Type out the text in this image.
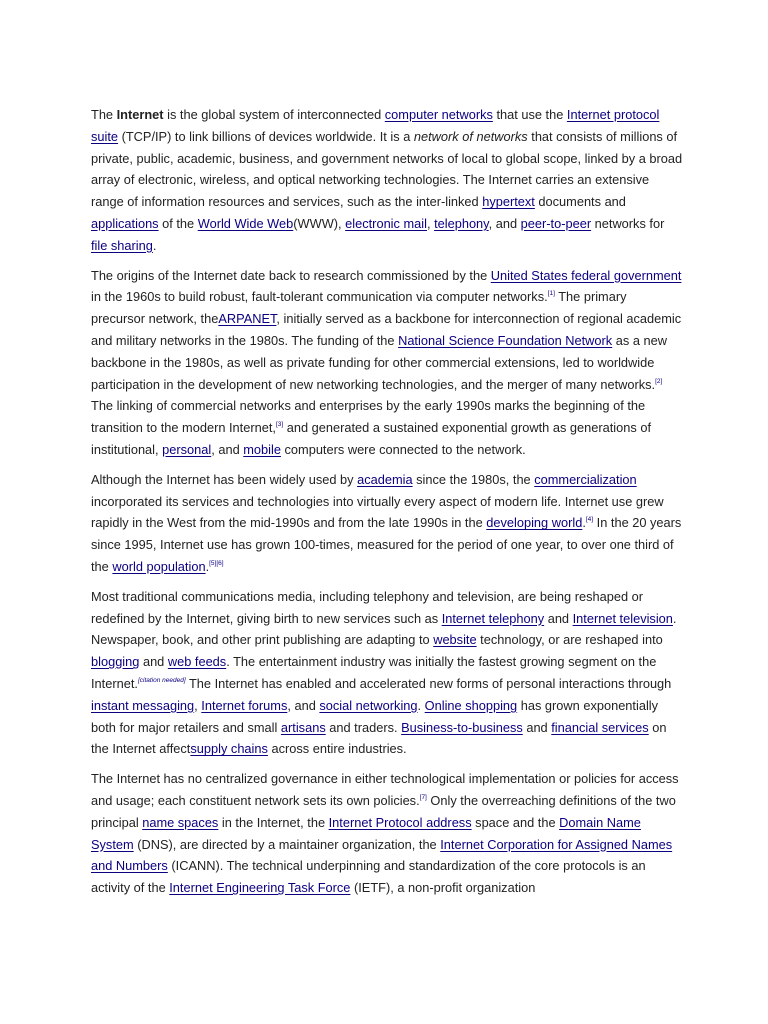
The Internet is the global system of interconnected computer networks that use the Internet protocol suite (TCP/IP) to link billions of devices worldwide. It is a network of networks that consists of millions of private, public, academic, business, and government networks of local to global scope, linked by a broad array of electronic, wireless, and optical networking technologies. The Internet carries an extensive range of information resources and services, such as the inter-linked hypertext documents and applications of the World Wide Web(WWW), electronic mail, telephony, and peer-to-peer networks for file sharing.

The origins of the Internet date back to research commissioned by the United States federal government in the 1960s to build robust, fault-tolerant communication via computer networks.[1] The primary precursor network, theARPANET, initially served as a backbone for interconnection of regional academic and military networks in the 1980s. The funding of the National Science Foundation Network as a new backbone in the 1980s, as well as private funding for other commercial extensions, led to worldwide participation in the development of new networking technologies, and the merger of many networks.[2] The linking of commercial networks and enterprises by the early 1990s marks the beginning of the transition to the modern Internet,[3] and generated a sustained exponential growth as generations of institutional, personal, and mobile computers were connected to the network.

Although the Internet has been widely used by academia since the 1980s, the commercialization incorporated its services and technologies into virtually every aspect of modern life. Internet use grew rapidly in the West from the mid-1990s and from the late 1990s in the developing world.[4] In the 20 years since 1995, Internet use has grown 100-times, measured for the period of one year, to over one third of the world population.[5][6]

Most traditional communications media, including telephony and television, are being reshaped or redefined by the Internet, giving birth to new services such as Internet telephony and Internet television. Newspaper, book, and other print publishing are adapting to website technology, or are reshaped into blogging and web feeds. The entertainment industry was initially the fastest growing segment on the Internet.[citation needed] The Internet has enabled and accelerated new forms of personal interactions through instant messaging, Internet forums, and social networking. Online shopping has grown exponentially both for major retailers and small artisans and traders. Business-to-business and financial services on the Internet affectsupply chains across entire industries.

The Internet has no centralized governance in either technological implementation or policies for access and usage; each constituent network sets its own policies.[7] Only the overreaching definitions of the two principal name spaces in the Internet, the Internet Protocol address space and the Domain Name System (DNS), are directed by a maintainer organization, the Internet Corporation for Assigned Names and Numbers (ICANN). The technical underpinning and standardization of the core protocols is an activity of the Internet Engineering Task Force (IETF), a non-profit organization
